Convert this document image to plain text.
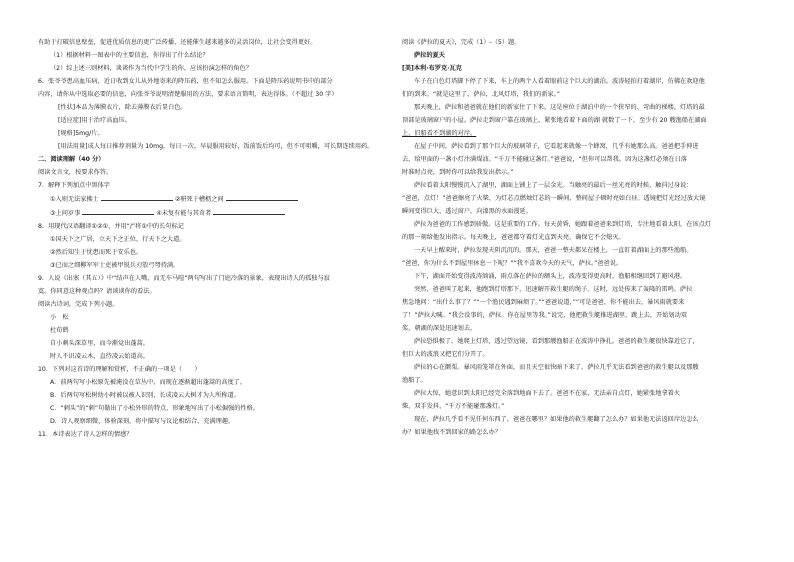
有助于打破信息壁垒，促进优质信息的更广泛传播，还能催生越来越多的灵活岗位，让社会变得更好。
（1）根据材料一图表中的主要信息，你得出了什么结论？
（2）综上述三则材料，谈谈作为当代中学生的你，应该扮演怎样的角色？
6．张爷爷患高血压病，近日收到女儿从外地寄来的降压药，但不知怎么服用。下面是降压药说明书中的部分
内容，请你从中选取必要的信息，向张爷爷说明清楚服用的方法，要求语言简明，表达得体。（不超过 30 字）
[性状]本品为薄膜衣片，除去薄膜衣后显白色。
[适应症]用于治疗高血压。
[规格]5mg/片。
[用法用量]成人每日推荐剂量为 10mg，每日一次，早晨服用较好，饭前饭后均可，但不可咀嚼，可长期连续用药。
二、阅读理解（40 分）
阅读文言文，按要求作答。
7．解释下列加点中黑体字
①入则无法家拂士	②骈死于槽枥之间
③上问岁事	④未复有能与其奇者
8．用现代汉语翻译①②①，并用“/”将①中的长句标记
①国天下之广居，立天下之正位，行天下之大道。
②然后知生于忧患而死于安乐也。
③已而之细柳军军士吏被甲锐兵刃彀弓弩持满。
9．人说《出塞（其五）》中“结声在人嘴，而无车马喧”两句写出了门庭冷落的景象，表现出诗人的孤独与寂
寞。你同意这种观点吗？请谈谈你的看法。
阅读古诗词，完成下列小题。
小　松
杜荀鹤
自小刺头深草里，而今渐觉出蓬蒿。
时人不识凌云木，直待凌云始道高。
10．下列对这首诗的理解和赏析，不正确的一项是（　　）
A．前两句写小松原先被淹没在草丛中，而现在逐渐超出蓬蒿的高度了。
B．后两句写松树幼小时被以被人识别，长成凌云大树才为人所称道。
C．“刺头”的“刺”句勒出了小松外形的特点，形象地写出了小松倔强的性格。
D．诗人观察细微，体验深刻，将中描写与议论相结合，充满理趣。
11．本诗表达了诗人怎样的情感？
阅读《萨拉的夏天》，完成（1）-（5）题。
萨拉的夏天
[美]本利·布罗克·瓦克
车子在白色灯塔脚下停了下来，车上的两个人看着眼前这个巨大的湖泊。波涛轻拍打着湖岸，仿佛在欢迎他
们的到来。“就是这里了，萨拉，北风灯塔，我们的新家。”
那天晚上，萨拉和爸爸就在他们的新家住了下来。这是座位于湖泊中的一个狭窄的、弯曲的梯楼，灯塔的最
顶部是玻璃窗户的小屋。萨拉走到窗户靠在玻璃上，紧张地看着下面的湖 就数了一下，至少有 20 艘渔船在湖面
上，旧船看不到湖的对岸。
在屋子中间，萨拉看到了那个巨大的玻璃罩子，它看起来就像一个蜂窝，几乎有她那么高。爸爸把手伸进
去，给里面的一盏小灯注满煤油。“千万不能碰这盏灯。”爸爸说，“但你可以帮我。因为这盏灯必须在日落
时准时点亮，到时你可以给我发出指示。”
萨拉看着太阳慢慢沉入了湖里，湖面上铺上了一层金光。当触亮的最后一丝光亮的时候，触抖过身说：
“爸爸，点灯！”爸爸擦亮了火柴，为灯芯点燃烛灯芯的一瞬间，整间屋子顿时亮如白昼。透镜把灯光经过放大镜
瞬间变得巨大，透过窗户，向漆黑的水面漫延。
萨拉为爸爸的工作感到骄傲。这是重要的工作。每天黄昏，她跟着爸爸来到灯塔，专注地看着太阳，在该点灯
的那一刻给他发出指示。每天晚上，爸爸都守着灯光直到天亮，确保它不会熄灭。
一天早上醒来时，萨拉发现天阴沉沉的。那天，爸爸一整天都呆在楼上，一直盯着湖面上的那些渔船。
“爸爸，你为什么不到屋里休息一下呢？”“我不喜欢今天的天气，萨拉。”爸爸说。
下午，湖面开始变得波涛汹涌，雨点落在萨拉的额头上，波涛变得更高时，渔船相继回到了避风港。
突然，爸爸叫了起来，他跑到灯塔那下，迅速解开救生艇的绳子。这时，远处传来了轰隆的雷鸣。萨拉
焦急地问：“出什么事了？”“一个渔民遇到麻烦了。”“爸爸说道，”“可是爸爸，你不能出去。暴风雨就要来
了！”萨拉大喊。“我会没事的，萨拉。你在屋里等我。”说完，他把救生艇推进湖里，跳上去，开始划动双
桨，朝湖的深处迅速划去。
萨拉恐惧极了。她爬上灯塔，透过望远镜，看到那艘渔船正在波涛中挣扎。爸爸的救生艇很快靠近它了，
但巨大的波浪又把它们分开了。
萨拉的心在颤栗。暴风雨笼罩在外面，而且天空很快暗下来了。萨拉几乎无法看到爸爸的救生艇以及那艘
渔船了。
萨拉大惊，她意识到太阳已经完全落到地面下去了。爸爸不在家，无法亲自点灯，她紧张地拿着火
柴，双手发抖，“千万不能碰那盏灯。”
现在，萨拉几乎看不见任何东西了。爸爸在哪里？如果他的救生艇翻了怎么办？如果他无法返回岸边怎么
办？如果他找不到回家的路怎么办？
